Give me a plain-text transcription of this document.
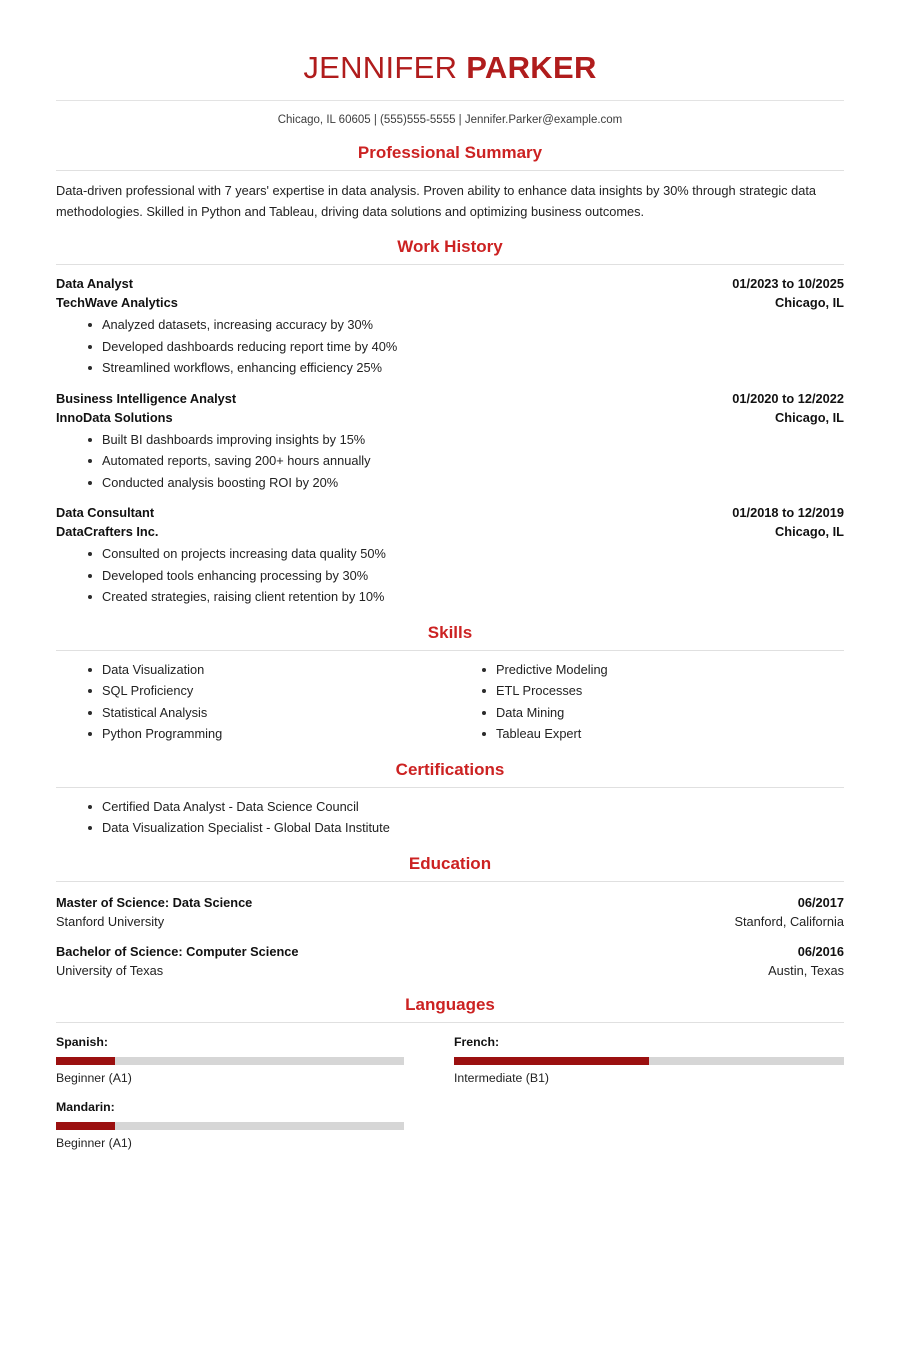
JENNIFER PARKER
Chicago, IL 60605 | (555)555-5555 | Jennifer.Parker@example.com
Professional Summary
Data-driven professional with 7 years' expertise in data analysis. Proven ability to enhance data insights by 30% through strategic data methodologies. Skilled in Python and Tableau, driving data solutions and optimizing business outcomes.
Work History
Data Analyst	01/2023 to 10/2025
TechWave Analytics	Chicago, IL
Analyzed datasets, increasing accuracy by 30%
Developed dashboards reducing report time by 40%
Streamlined workflows, enhancing efficiency 25%
Business Intelligence Analyst	01/2020 to 12/2022
InnoData Solutions	Chicago, IL
Built BI dashboards improving insights by 15%
Automated reports, saving 200+ hours annually
Conducted analysis boosting ROI by 20%
Data Consultant	01/2018 to 12/2019
DataCrafters Inc.	Chicago, IL
Consulted on projects increasing data quality 50%
Developed tools enhancing processing by 30%
Created strategies, raising client retention by 10%
Skills
Data Visualization
SQL Proficiency
Statistical Analysis
Python Programming
Predictive Modeling
ETL Processes
Data Mining
Tableau Expert
Certifications
Certified Data Analyst - Data Science Council
Data Visualization Specialist - Global Data Institute
Education
Master of Science: Data Science	06/2017
Stanford University	Stanford, California
Bachelor of Science: Computer Science	06/2016
University of Texas	Austin, Texas
Languages
Spanish:
Beginner (A1)
French:
Intermediate (B1)
Mandarin:
Beginner (A1)
